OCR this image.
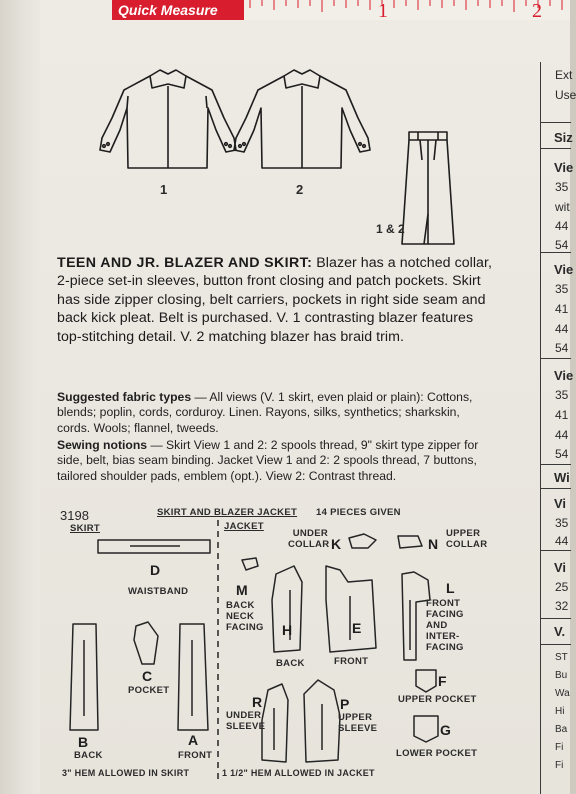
Quick Measure	1	2
Ext
Use
Siz
Vie
35
wit
44
54
Vie
35
41
44
54
Vie
35
41
44
54
Wi
Vi
35
44
Vi
25
32
V.
ST
Bu
Wa
Hi
Ba
Fi
Fi
1	2
1 & 2
TEEN AND JR. BLAZER AND SKIRT: Blazer has a notched collar, 2-piece set-in sleeves, button front closing and patch pockets. Skirt has side zipper closing, belt carriers, pockets in right side seam and back kick pleat. Belt is purchased. V. 1 contrasting blazer features top-stitching detail. V. 2 matching blazer has braid trim.
Suggested fabric types — All views (V. 1 skirt, even plaid or plain): Cottons, blends; poplin, cords, corduroy. Linen. Rayons, silks, synthetics; sharkskin, cords. Wools; flannel, tweeds.
Sewing notions — Skirt View 1 and 2: 2 spools thread, 9" skirt type zipper for side, belt, bias seam binding. Jacket View 1 and 2: 2 spools thread, 7 buttons, tailored shoulder pads, emblem (opt.). View 2: Contrast thread.
3198	SKIRT AND BLAZER JACKET 14 PIECES GIVEN
SKIRT	JACKET
D
WAISTBAND
C
POCKET
B
BACK
A
FRONT
UNDER COLLAR K	N
UPPER COLLAR
M
BACK NECK FACING	H
BACK
E
FRONT
L
FRONT FACING AND INTER-FACING
F
UPPER POCKET
G
LOWER POCKET
R
UNDER SLEEVE
P
UPPER SLEEVE
3" HEM ALLOWED IN SKIRT	1 1/2" HEM ALLOWED IN JACKET
